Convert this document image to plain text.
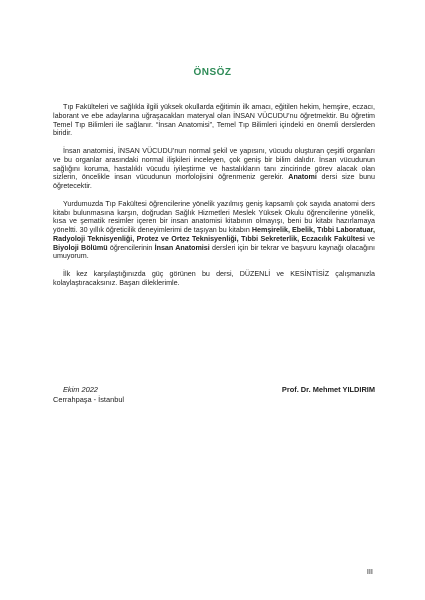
ÖNSÖZ

Tıp Fakülteleri ve sağlıkla ilgili yüksek okullarda eğitimin ilk amacı, eğitilen hekim, hemşire, eczacı, laborant ve ebe adaylarına uğraşacakları materyal olan İNSAN VÜCUDU’nu öğretmektir. Bu öğretim Temel Tıp Bilimleri ile sağlanır. “İnsan Anatomisi”, Temel Tıp Bilimleri içindeki en önemli derslerden biridir.

İnsan anatomisi, İNSAN VÜCUDU’nun normal şekil ve yapısını, vücudu oluşturan çeşitli organları ve bu organlar arasındaki normal ilişkileri inceleyen, çok geniş bir bilim dalıdır. İnsan vücudunun sağlığını koruma, hastalıklı vücudu iyileştirme ve hastalıkların tanı zincirinde görev alacak olan sizlerin, öncelikle insan vücudunun morfolojisini öğrenmeniz gerekir. Anatomi dersi size bunu öğretecektir.

Yurdumuzda Tıp Fakültesi öğrencilerine yönelik yazılmış geniş kapsamlı çok sayıda anatomi ders kitabı bulunmasına karşın, doğrudan Sağlık Hizmetleri Meslek Yüksek Okulu öğrencilerine yönelik, kısa ve şematik resimler içeren bir insan anatomisi kitabının olmayışı, beni bu kitabı hazırlamaya yöneltti. 30 yıllık öğreticilik deneyimlerimi de taşıyan bu kitabın Hemşirelik, Ebelik, Tıbbi Laboratuar, Radyoloji Teknisyenliği, Protez ve Ortez Teknisyenliği, Tıbbi Sekreterlik, Eczacılık Fakültesi ve Biyoloji Bölümü öğrencilerinin İnsan Anatomisi dersleri için bir tekrar ve başvuru kaynağı olacağını umuyorum.

İlk kez karşılaştığınızda güç görünen bu dersi, DÜZENLİ ve KESİNTİSİZ çalışmanızla kolaylaştıracaksınız. Başarı dileklerimle.

Ekim 2022
Cerrahpaşa - İstanbul
Prof. Dr. Mehmet YILDIRIM
III
